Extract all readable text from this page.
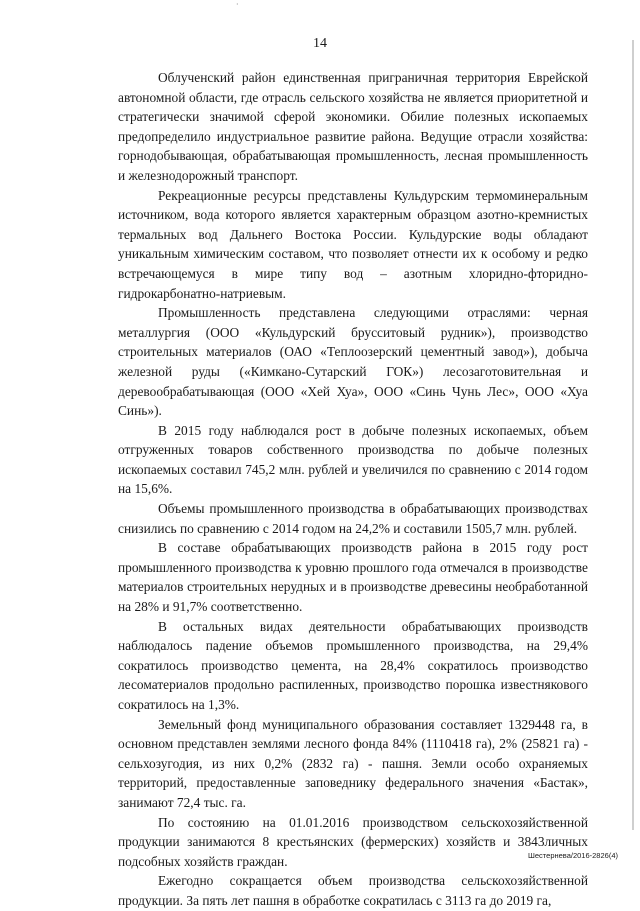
·
14

Облученский район единственная приграничная территория Еврейской автономной области, где отрасль сельского хозяйства не является приоритетной и стратегически значимой сферой экономики. Обилие полезных ископаемых предопределило индустриальное развитие района. Ведущие отрасли хозяйства: горнодобывающая, обрабатывающая промышленность, лесная промышленность и железнодорожный транспорт.

Рекреационные ресурсы представлены Кульдурским термоминеральным источником, вода которого является характерным образцом азотно-кремнистых термальных вод Дальнего Востока России. Кульдурские воды обладают уникальным химическим составом, что позволяет отнести их к особому и редко встречающемуся в мире типу вод – азотным хлоридно-фторидно-гидрокарбонатно-натриевым.

Промышленность представлена следующими отраслями: черная металлургия (ООО «Кульдурский брусситовый рудник»), производство строительных материалов (ОАО «Теплоозерский цементный завод»), добыча железной руды («Кимкано-Сутарский ГОК») лесозаготовительная и деревообрабатывающая (ООО «Хей Хуа», ООО «Синь Чунь Лес», ООО «Хуа Синь»).

В 2015 году наблюдался рост в добыче полезных ископаемых, объем отгруженных товаров собственного производства по добыче полезных ископаемых составил 745,2 млн. рублей и увеличился по сравнению с 2014 годом на 15,6%.

Объемы промышленного производства в обрабатывающих производствах снизились по сравнению с 2014 годом на 24,2% и составили 1505,7 млн. рублей.

В составе обрабатывающих производств района в 2015 году рост промышленного производства к уровню прошлого года отмечался в производстве материалов строительных нерудных и в производстве древесины необработанной на 28% и 91,7% соответственно.

В остальных видах деятельности обрабатывающих производств наблюдалось падение объемов промышленного производства, на 29,4% сократилось производство цемента, на 28,4% сократилось производство лесоматериалов продольно распиленных, производство порошка известнякового сократилось на 1,3%.

Земельный фонд муниципального образования составляет 1329448 га, в основном представлен землями лесного фонда 84% (1110418 га), 2% (25821 га) - сельхозугодия, из них 0,2% (2832 га) - пашня. Земли особо охраняемых территорий, предоставленные заповеднику федерального значения «Бастак», занимают 72,4 тыс. га.

По состоянию на 01.01.2016 производством сельскохозяйственной продукции занимаются 8 крестьянских (фермерских) хозяйств и 3843личных подсобных хозяйств граждан.

Ежегодно сокращается объем производства сельскохозяйственной продукции. За пять лет пашня в обработке сократилась с 3113 га до 2019 га,

Шестернева/2016-2826(4)
